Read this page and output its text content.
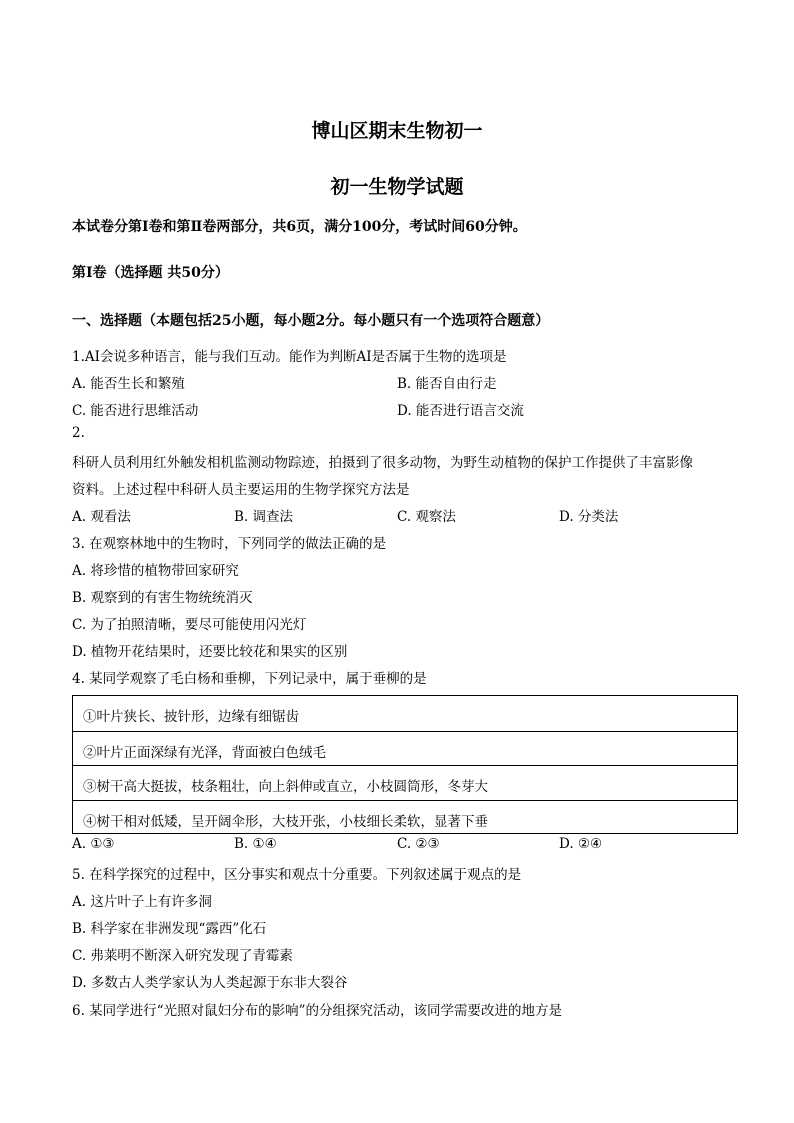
博山区期末生物初一
初一生物学试题
本试卷分第Ⅰ卷和第Ⅱ卷两部分，共6页，满分100分，考试时间60分钟。
第Ⅰ卷（选择题 共50分）
一、选择题（本题包括25小题，每小题2分。每小题只有一个选项符合题意）
1.AI会说多种语言，能与我们互动。能作为判断AI是否属于生物的选项是
A. 能否生长和繁殖	B. 能否自由行走
C. 能否进行思维活动	D. 能否进行语言交流
2.
科研人员利用红外触发相机监测动物踪迹，拍摄到了很多动物，为野生动植物的保护工作提供了丰富影像
资料。上述过程中科研人员主要运用的生物学探究方法是
A. 观看法	B. 调查法	C. 观察法	D. 分类法
3. 在观察林地中的生物时，下列同学的做法正确的是
A. 将珍惜的植物带回家研究
B. 观察到的有害生物统统消灭
C. 为了拍照清晰，要尽可能使用闪光灯
D. 植物开花结果时，还要比较花和果实的区别
4. 某同学观察了毛白杨和垂柳，下列记录中，属于垂柳的是
①叶片狭长、披针形，边缘有细锯齿
②叶片正面深绿有光泽，背面被白色绒毛
③树干高大挺拔，枝条粗壮，向上斜伸或直立，小枝圆筒形，冬芽大
④树干相对低矮，呈开阔伞形，大枝开张，小枝细长柔软，显著下垂
A. ①③	B. ①④	C. ②③	D. ②④
5. 在科学探究的过程中，区分事实和观点十分重要。下列叙述属于观点的是
A. 这片叶子上有许多洞
B. 科学家在非洲发现“露西”化石
C. 弗莱明不断深入研究发现了青霉素
D. 多数古人类学家认为人类起源于东非大裂谷
6. 某同学进行“光照对鼠妇分布的影响”的分组探究活动，该同学需要改进的地方是
